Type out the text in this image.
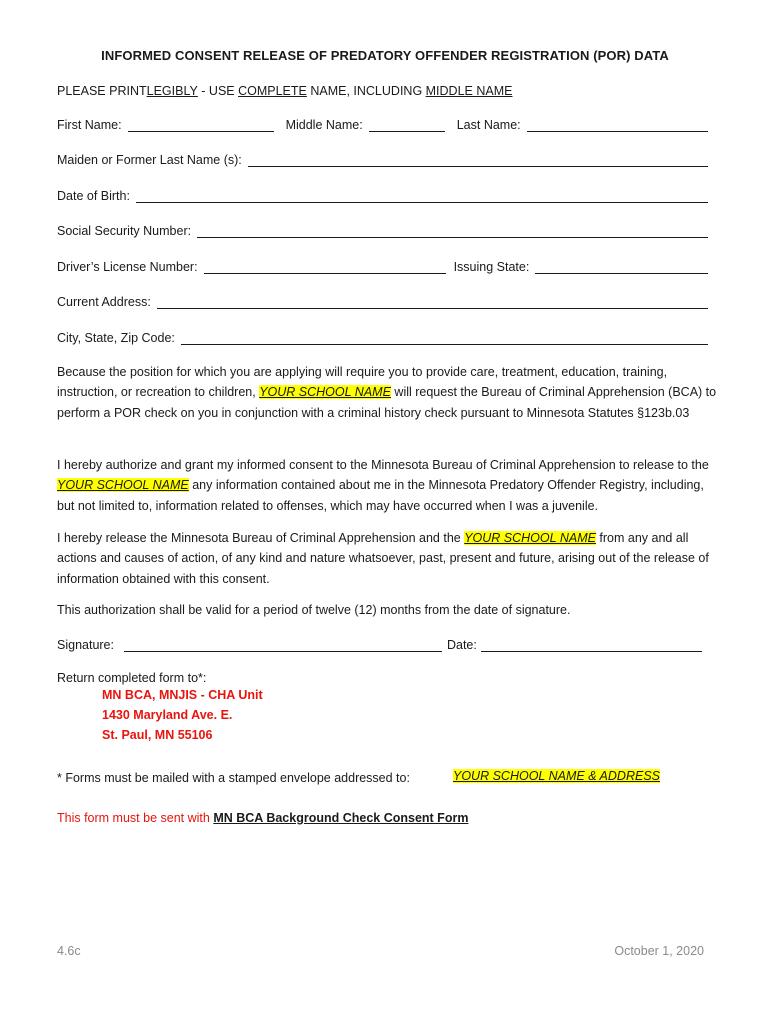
INFORMED CONSENT RELEASE OF PREDATORY OFFENDER REGISTRATION (POR) DATA
PLEASE PRINT LEGIBLY - USE COMPLETE NAME, INCLUDING MIDDLE NAME
First Name:	Middle Name:	Last Name:
Maiden or Former Last Name (s):
Date of Birth:
Social Security Number:
Driver’s License Number:	Issuing State:
Current Address:
City, State, Zip Code:

Because the position for which you are applying will require you to provide care, treatment, education, training, instruction, or recreation to children, YOUR SCHOOL NAME will request the Bureau of Criminal Apprehension (BCA) to perform a POR check on you in conjunction with a criminal history check pursuant to Minnesota Statutes §123b.03

I hereby authorize and grant my informed consent to the Minnesota Bureau of Criminal Apprehension to release to the YOUR SCHOOL NAME any information contained about me in the Minnesota Predatory Offender Registry, including, but not limited to, information related to offenses, which may have occurred when I was a juvenile.

I hereby release the Minnesota Bureau of Criminal Apprehension and the YOUR SCHOOL NAME from any and all actions and causes of action, of any kind and nature whatsoever, past, present and future, arising out of the release of information obtained with this consent.

This authorization shall be valid for a period of twelve (12) months from the date of signature.

Signature:	Date:
Return completed form to*:
MN BCA, MNJIS - CHA Unit
1430 Maryland Ave. E.
St. Paul, MN 55106
* Forms must be mailed with a stamped envelope addressed to:	YOUR SCHOOL NAME & ADDRESS
This form must be sent with MN BCA Background Check Consent Form
4.6c	October 1, 2020
